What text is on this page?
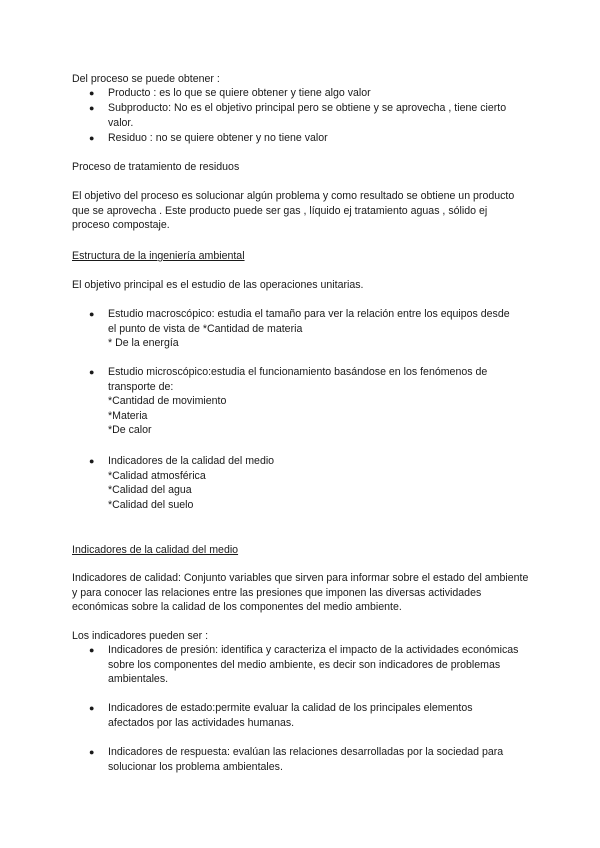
Del proceso se puede obtener :

● Producto : es lo que se quiere obtener y tiene algo valor

● Subproducto: No es el objetivo principal pero se obtiene y se aprovecha , tiene cierto valor.

● Residuo : no se quiere obtener y no tiene valor

Proceso de tratamiento de residuos

El objetivo del proceso es solucionar algún problema y como resultado se obtiene un producto que se aprovecha . Este producto puede ser gas , líquido ej tratamiento aguas , sólido ej proceso compostaje.

Estructura de la ingeniería ambiental

El objetivo principal es el estudio de las operaciones unitarias.

● Estudio macroscópico: estudia el tamaño para ver la relación entre los equipos desde el punto de vista de *Cantidad de materia
* De la energía
● Estudio microscópico:estudia el funcionamiento basándose en los fenómenos de transporte de:
*Cantidad de movimiento
*Materia
*De calor
● Indicadores de la calidad del medio
*Calidad atmosférica
*Calidad del agua
*Calidad del suelo

Indicadores de la calidad del medio

Indicadores de calidad: Conjunto variables que sirven para informar sobre el estado del ambiente y para conocer las relaciones entre las presiones que imponen las diversas actividades económicas sobre la calidad de los componentes del medio ambiente.

Los indicadores pueden ser :

● Indicadores de presión: identifica y caracteriza el impacto de la actividades económicas sobre los componentes del medio ambiente, es decir son indicadores de problemas ambientales.

● Indicadores de estado:permite evaluar la calidad de los principales elementos afectados por las actividades humanas.

● Indicadores de respuesta: evalúan las relaciones desarrolladas por la sociedad para solucionar los problema ambientales.
